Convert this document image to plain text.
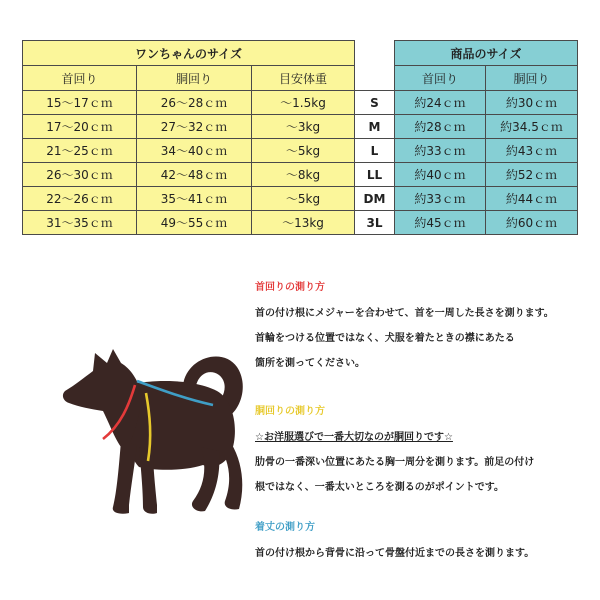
ワンちゃんのサイズ				商品のサイズ	
首回り	胴回り	目安体重		首回り	胴回り
15〜17ｃｍ	26〜28ｃｍ	〜1.5kg	S	約24ｃｍ	約30ｃｍ
17〜20ｃｍ	27〜32ｃｍ	〜3kg	M	約28ｃｍ	約34.5ｃｍ
21〜25ｃｍ	34〜40ｃｍ	〜5kg	L	約33ｃｍ	約43ｃｍ
26〜30ｃｍ	42〜48ｃｍ	〜8kg	LL	約40ｃｍ	約52ｃｍ
22〜26ｃｍ	35〜41ｃｍ	〜5kg	DM	約33ｃｍ	約44ｃｍ
31〜35ｃｍ	49〜55ｃｍ	〜13kg	3L	約45ｃｍ	約60ｃｍ
首回りの測り方
首の付け根にメジャーを合わせて、首を一周した長さを測ります。
首輪をつける位置ではなく、犬服を着たときの襟にあたる
箇所を測ってください。
胴回りの測り方
☆お洋服選びで一番大切なのが胴回りです☆
肋骨の一番深い位置にあたる胸一周分を測ります。前足の付け
根ではなく、一番太いところを測るのがポイントです。
着丈の測り方
首の付け根から背骨に沿って骨盤付近までの長さを測ります。
